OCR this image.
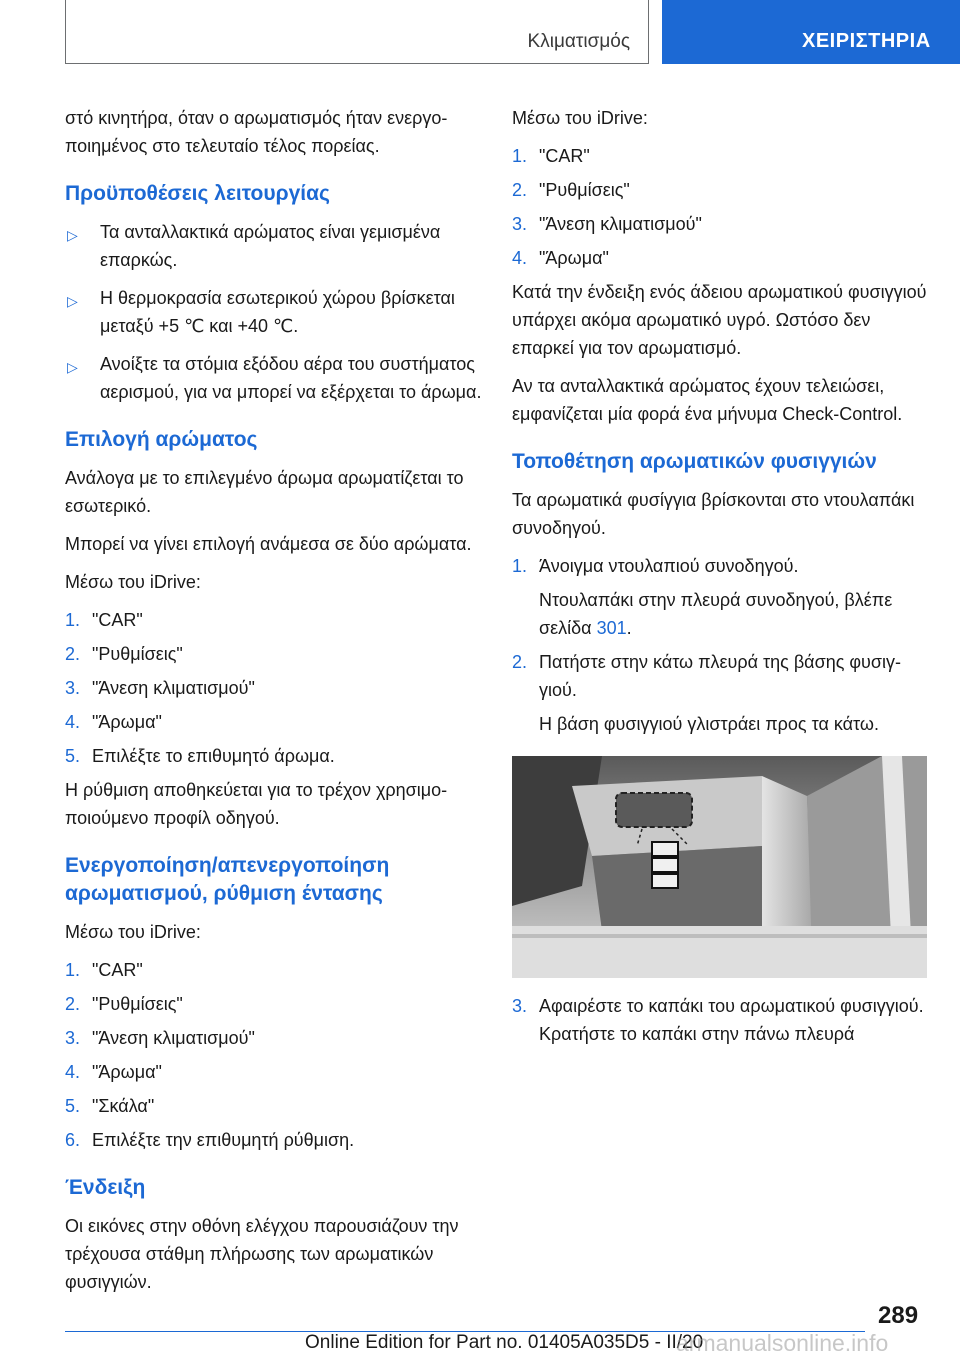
Κλιματισμός	ΧΕΙΡΙΣΤΗΡΙΑ

στό κινητήρα, όταν ο αρωματισμός ήταν ενεργοποιημένος στο τελευταίο τέλος πορείας.

Προϋποθέσεις λειτουργίας
▷ Τα ανταλλακτικά αρώματος είναι γεμισμένα επαρκώς.
▷ Η θερμοκρασία εσωτερικού χώρου βρίσκεται μεταξύ +5 ℃ και +40 ℃.
▷ Ανοίξτε τα στόμια εξόδου αέρα του συστήματος αερισμού, για να μπορεί να εξέρχεται το άρωμα.
Επιλογή αρώματος

Ανάλογα με το επιλεγμένο άρωμα αρωματίζεται το εσωτερικό.

Μπορεί να γίνει επιλογή ανάμεσα σε δύο αρώματα.

Μέσω του iDrive:

1. "CAR"
2. "Ρυθμίσεις"
3. "Άνεση κλιματισμού"
4. "Άρωμα"
5. Επιλέξτε το επιθυμητό άρωμα.

Η ρύθμιση αποθηκεύεται για το τρέχον χρησιμοποιούμενο προφίλ οδηγού.

Ενεργοποίηση/απενεργοποίηση αρωματισμού, ρύθμιση έντασης

Μέσω του iDrive:

1. "CAR"
2. "Ρυθμίσεις"
3. "Άνεση κλιματισμού"
4. "Άρωμα"
5. "Σκάλα"
6. Επιλέξτε την επιθυμητή ρύθμιση.
Ένδειξη

Οι εικόνες στην οθόνη ελέγχου παρουσιάζουν την τρέχουσα στάθμη πλήρωσης των αρωματικών φυσιγγιών.

Μέσω του iDrive:

1. "CAR"
2. "Ρυθμίσεις"
3. "Άνεση κλιματισμού"
4. "Άρωμα"

Κατά την ένδειξη ενός άδειου αρωματικού φυσιγγιού υπάρχει ακόμα αρωματικό υγρό. Ωστόσο δεν επαρκεί για τον αρωματισμό.

Αν τα ανταλλακτικά αρώματος έχουν τελειώσει, εμφανίζεται μία φορά ένα μήνυμα Check-Control.

Τοποθέτηση αρωματικών φυσιγγιών

Τα αρωματικά φυσίγγια βρίσκονται στο ντουλαπάκι συνοδηγού.

1. Άνοιγμα ντουλαπιού συνοδηγού.
Ντουλαπάκι στην πλευρά συνοδηγού, βλέπε σελίδα 301.
2. Πατήστε στην κάτω πλευρά της βάσης φυσιγγιού.
Η βάση φυσιγγιού γλιστράει προς τα κάτω.
3. Αφαιρέστε το καπάκι του αρωματικού φυσιγγιού. Κρατήστε το καπάκι στην πάνω πλευρά
289
Online Edition for Part no. 01405A035D5 - II/20
armanualsonline.info
